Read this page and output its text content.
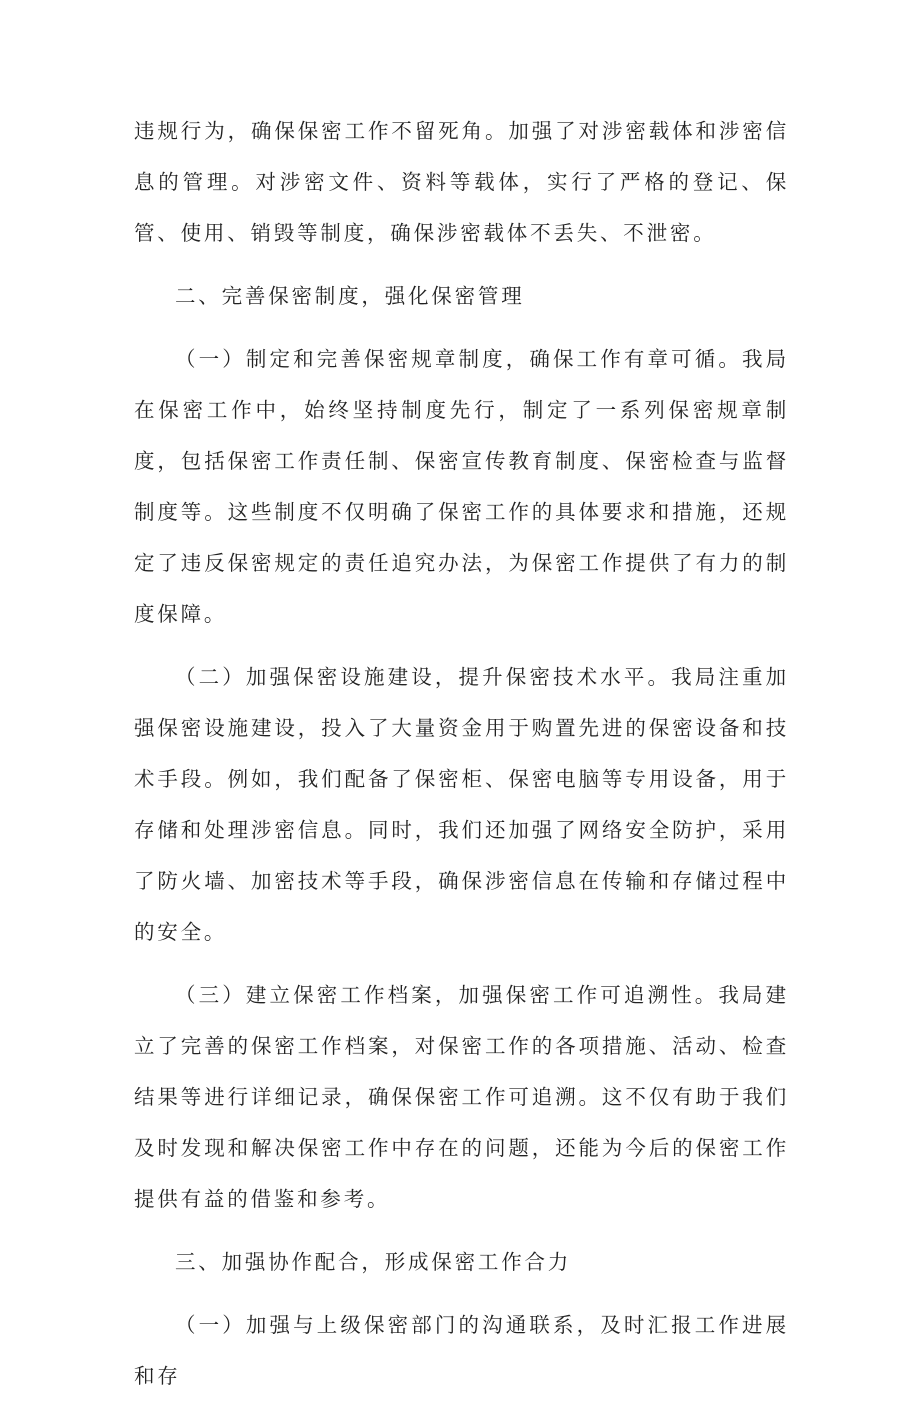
违规行为，确保保密工作不留死角。加强了对涉密载体和涉密信息的管理。对涉密文件、资料等载体，实行了严格的登记、保管、使用、销毁等制度，确保涉密载体不丢失、不泄密。

二、完善保密制度，强化保密管理

（一）制定和完善保密规章制度，确保工作有章可循。我局在保密工作中，始终坚持制度先行，制定了一系列保密规章制度，包括保密工作责任制、保密宣传教育制度、保密检查与监督制度等。这些制度不仅明确了保密工作的具体要求和措施，还规定了违反保密规定的责任追究办法，为保密工作提供了有力的制度保障。

（二）加强保密设施建设，提升保密技术水平。我局注重加强保密设施建设，投入了大量资金用于购置先进的保密设备和技术手段。例如，我们配备了保密柜、保密电脑等专用设备，用于存储和处理涉密信息。同时，我们还加强了网络安全防护，采用了防火墙、加密技术等手段，确保涉密信息在传输和存储过程中的安全。

（三）建立保密工作档案，加强保密工作可追溯性。我局建立了完善的保密工作档案，对保密工作的各项措施、活动、检查结果等进行详细记录，确保保密工作可追溯。这不仅有助于我们及时发现和解决保密工作中存在的问题，还能为今后的保密工作提供有益的借鉴和参考。

三、加强协作配合，形成保密工作合力

（一）加强与上级保密部门的沟通联系，及时汇报工作进展和存
